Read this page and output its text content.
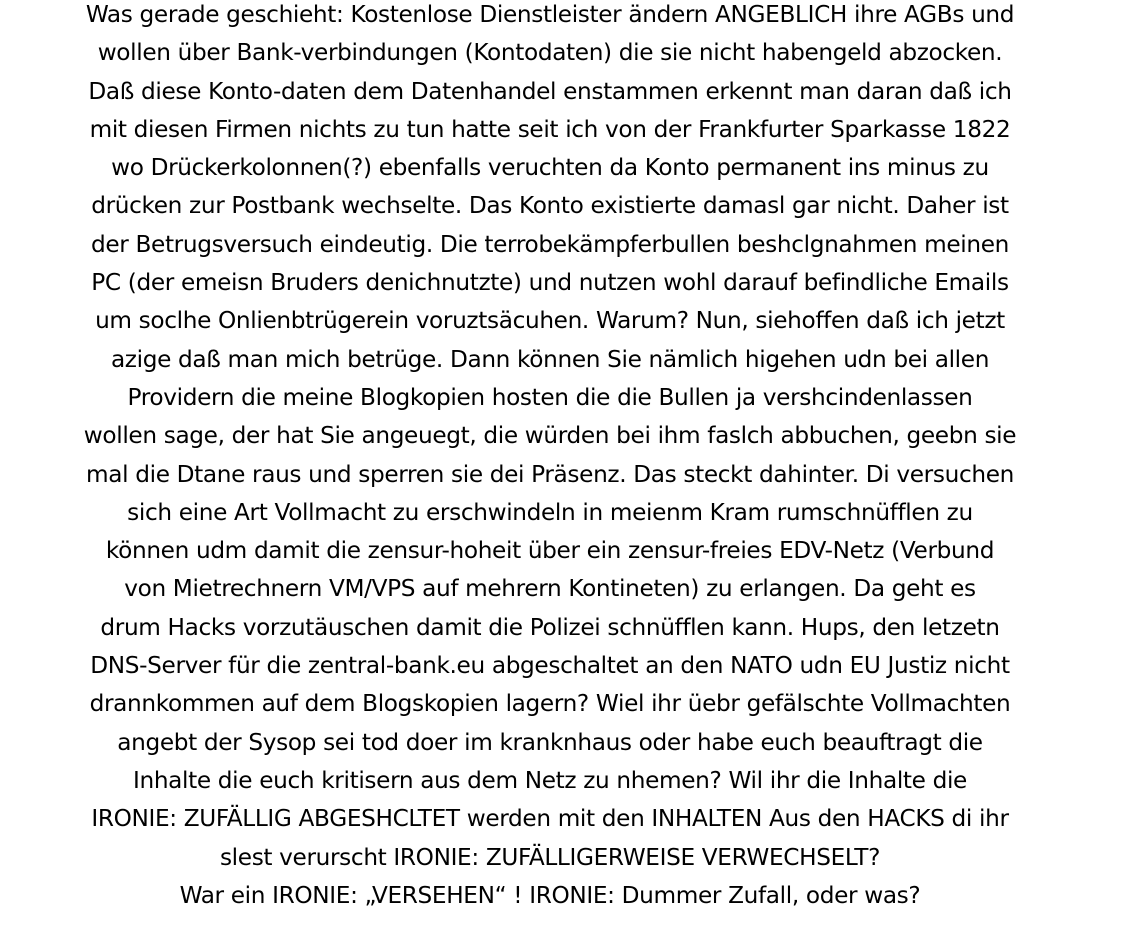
Was gerade geschieht: Kostenlose Dienstleister ändern ANGEBLICH ihre AGBs und
wollen über Bank-verbindungen (Kontodaten) die sie nicht habengeld abzocken.
Daß diese Konto-daten dem Datenhandel enstammen erkennt man daran daß ich
mit diesen Firmen nichts zu tun hatte seit ich von der Frankfurter Sparkasse 1822
wo Drückerkolonnen(?) ebenfalls veruchten da Konto permanent ins minus zu
drücken zur Postbank wechselte. Das Konto existierte damasl gar nicht. Daher ist
der Betrugsversuch eindeutig. Die terrobekämpferbullen beshclgnahmen meinen
PC (der emeisn Bruders denichnutzte) und nutzen wohl darauf befindliche Emails
um soclhe Onlienbtrügerein voruztsäcuhen. Warum? Nun, siehoffen daß ich jetzt
azige daß man mich betrüge. Dann können Sie nämlich higehen udn bei allen
Providern die meine Blogkopien hosten die die Bullen ja vershcindenlassen
wollen sage, der hat Sie angeuegt, die würden bei ihm faslch abbuchen, geebn sie
mal die Dtane raus und sperren sie dei Präsenz. Das steckt dahinter. Di versuchen
sich eine Art Vollmacht zu erschwindeln in meienm Kram rumschnüfflen zu
können udm damit die zensur-hoheit über ein zensur-freies EDV-Netz (Verbund
von Mietrechnern VM/VPS auf mehrern Kontineten) zu erlangen. Da geht es
drum Hacks vorzutäuschen damit die Polizei schnüfflen kann. Hups, den letzetn
DNS-Server für die zentral-bank.eu abgeschaltet an den NATO udn EU Justiz nicht
drannkommen auf dem Blogskopien lagern? Wiel ihr üebr gefälschte Vollmachten
angebt der Sysop sei tod doer im kranknhaus oder habe euch beauftragt die
Inhalte die euch kritisern aus dem Netz zu nhemen? Wil ihr die Inhalte die
IRONIE: ZUFÄLLIG ABGESHCLTET werden mit den INHALTEN Aus den HACKS di ihr
slest verurscht IRONIE: ZUFÄLLIGERWEISE VERWECHSELT?
War ein IRONIE: „VERSEHEN“ ! IRONIE: Dummer Zufall, oder was?
